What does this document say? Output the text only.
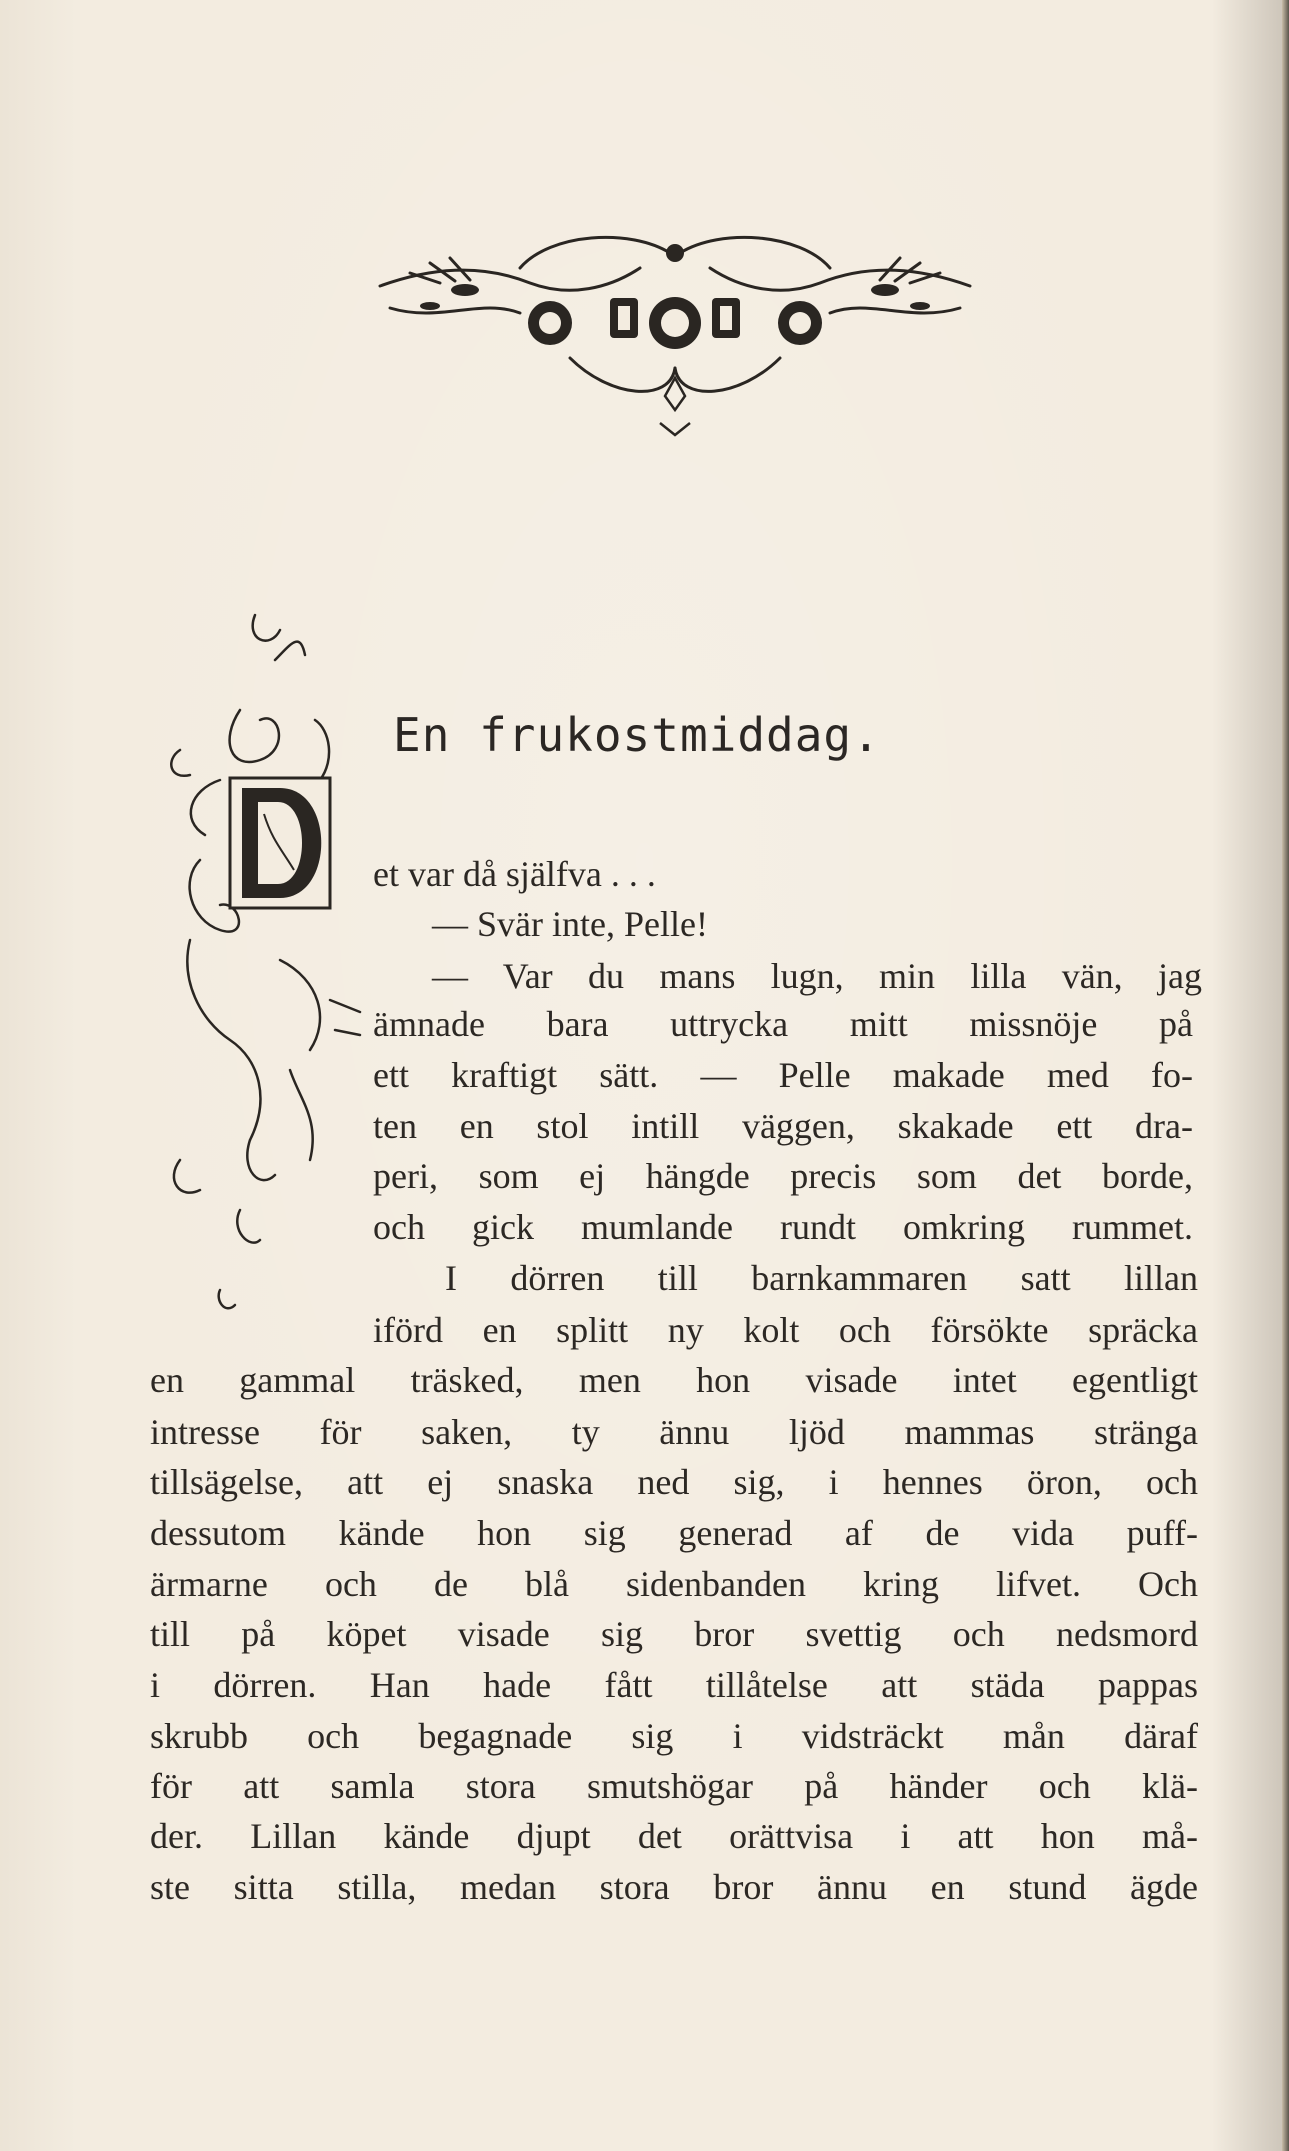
En frukostmiddag.
et var då själfva . . .
— Svär inte, Pelle!
— Var du mans lugn, min lilla vän, jag
ämnade bara uttrycka mitt missnöje på
ett kraftigt sätt. — Pelle makade med fo-
ten en stol intill väggen, skakade ett dra-
peri, som ej hängde precis som det borde,
och gick mumlande rundt omkring rummet.
I dörren till barnkammaren satt lillan
iförd en splitt ny kolt och försökte spräcka
en gammal träsked, men hon visade intet egentligt
intresse för saken, ty ännu ljöd mammas stränga
tillsägelse, att ej snaska ned sig, i hennes öron, och
dessutom kände hon sig generad af de vida puff-
ärmarne och de blå sidenbanden kring lifvet. Och
till på köpet visade sig bror svettig och nedsmord
i dörren. Han hade fått tillåtelse att städa pappas
skrubb och begagnade sig i vidsträckt mån däraf
för att samla stora smutshögar på händer och klä-
der. Lillan kände djupt det orättvisa i att hon må-
ste sitta stilla, medan stora bror ännu en stund ägde
